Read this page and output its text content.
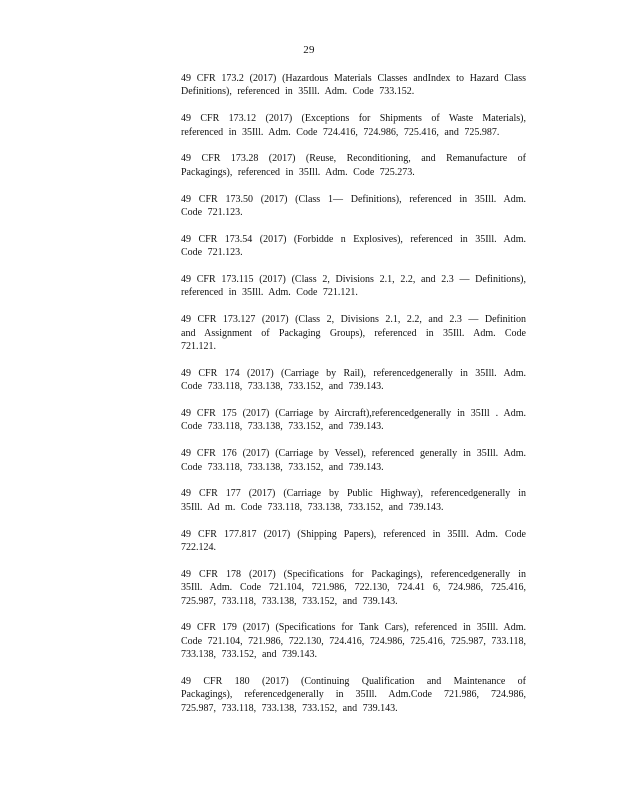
29

49 CFR 173.2 (2017) (Hazardous Materials Classes andIndex to Hazard Class Definitions), referenced in 35Ill. Adm. Code 733.152.

49 CFR 173.12 (2017) (Exceptions for Shipments of Waste Materials), referenced in 35Ill. Adm. Code 724.416, 724.986, 725.416, and 725.987.

49 CFR 173.28 (2017) (Reuse, Reconditioning, and Remanufacture of Packagings), referenced in 35Ill. Adm. Code 725.273.

49 CFR 173.50 (2017) (Class 1— Definitions), referenced in 35Ill. Adm. Code 721.123.

49 CFR 173.54 (2017) (Forbidde n Explosives), referenced in 35Ill. Adm. Code 721.123.

49 CFR 173.115 (2017) (Class 2, Divisions 2.1, 2.2, and 2.3 — Definitions), referenced in 35Ill. Adm. Code 721.121.

49 CFR 173.127 (2017) (Class 2, Divisions 2.1, 2.2, and 2.3 — Definition and Assignment of Packaging Groups), referenced in 35Ill. Adm. Code 721.121.

49 CFR 174 (2017) (Carriage by Rail), referencedgenerally in 35Ill. Adm. Code 733.118, 733.138, 733.152, and 739.143.

49 CFR 175 (2017) (Carriage by Aircraft),referencedgenerally in 35Ill . Adm. Code 733.118, 733.138, 733.152, and 739.143.

49 CFR 176 (2017) (Carriage by Vessel), referenced generally in 35Ill. Adm. Code 733.118, 733.138, 733.152, and 739.143.

49 CFR 177 (2017) (Carriage by Public Highway), referencedgenerally in 35Ill. Ad m. Code 733.118, 733.138, 733.152, and 739.143.

49 CFR 177.817 (2017) (Shipping Papers), referenced in 35Ill. Adm. Code 722.124.

49 CFR 178 (2017) (Specifications for Packagings), referencedgenerally in 35Ill. Adm. Code 721.104, 721.986, 722.130, 724.41 6, 724.986, 725.416, 725.987, 733.118, 733.138, 733.152, and 739.143.

49 CFR 179 (2017) (Specifications for Tank Cars), referenced in 35Ill. Adm. Code 721.104, 721.986, 722.130, 724.416, 724.986, 725.416, 725.987, 733.118, 733.138, 733.152, and 739.143.

49 CFR 180 (2017) (Continuing Qualification and Maintenance of Packagings), referencedgenerally in 35Ill. Adm.Code 721.986, 724.986, 725.987, 733.118, 733.138, 733.152, and 739.143.
